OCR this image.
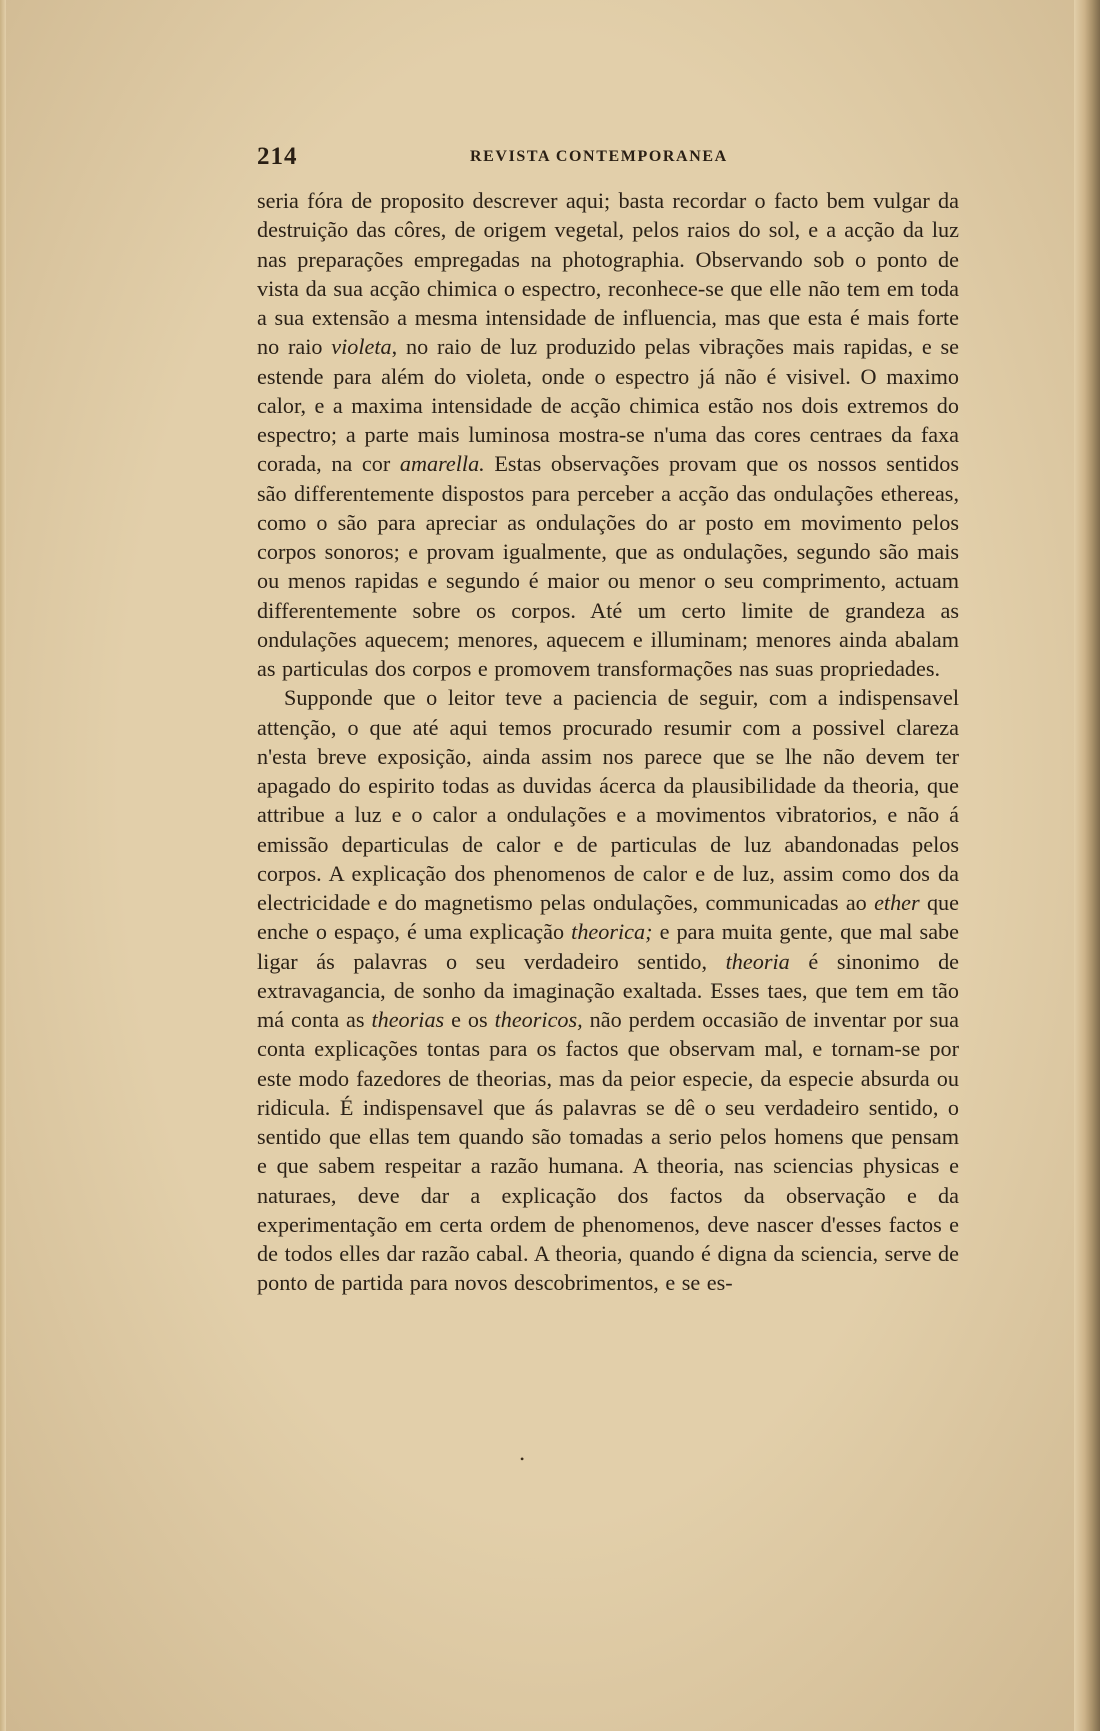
214	REVISTA CONTEMPORANEA

seria fóra de proposito descrever aqui; basta recordar o facto bem vulgar da destruição das côres, de origem vegetal, pelos raios do sol, e a acção da luz nas preparações empregadas na photographia. Observando sob o ponto de vista da sua acção chimica o espectro, reconhece-se que elle não tem em toda a sua extensão a mesma intensidade de influencia, mas que esta é mais forte no raio violeta, no raio de luz produzido pelas vibrações mais rapidas, e se estende para além do violeta, onde o espectro já não é visivel. O maximo calor, e a maxima intensidade de acção chimica estão nos dois extremos do espectro; a parte mais luminosa mostra-se n'uma das cores centraes da faxa corada, na cor amarella. Estas observações provam que os nossos sentidos são differentemente dispostos para perceber a acção das ondulações ethereas, como o são para apreciar as ondulações do ar posto em movimento pelos corpos sonoros; e provam igualmente, que as ondulações, segundo são mais ou menos rapidas e segundo é maior ou menor o seu comprimento, actuam differentemente sobre os corpos. Até um certo limite de grandeza as ondulações aquecem; menores, aquecem e illuminam; menores ainda abalam as particulas dos corpos e promovem transformações nas suas propriedades.

Supponde que o leitor teve a paciencia de seguir, com a indispensavel attenção, o que até aqui temos procurado resumir com a possivel clareza n'esta breve exposição, ainda assim nos parece que se lhe não devem ter apagado do espirito todas as duvidas ácerca da plausibilidade da theoria, que attribue a luz e o calor a ondulações e a movimentos vibratorios, e não á emissão departiculas de calor e de particulas de luz abandonadas pelos corpos. A explicação dos phenomenos de calor e de luz, assim como dos da electricidade e do magnetismo pelas ondulações, communicadas ao ether que enche o espaço, é uma explicação theorica; e para muita gente, que mal sabe ligar ás palavras o seu verdadeiro sentido, theoria é sinonimo de extravagancia, de sonho da imaginação exaltada. Esses taes, que tem em tão má conta as theorias e os theoricos, não perdem occasião de inventar por sua conta explicações tontas para os factos que observam mal, e tornam-se por este modo fazedores de theorias, mas da peior especie, da especie absurda ou ridicula. É indispensavel que ás palavras se dê o seu verdadeiro sentido, o sentido que ellas tem quando são tomadas a serio pelos homens que pensam e que sabem respeitar a razão humana. A theoria, nas sciencias physicas e naturaes, deve dar a explicação dos factos da observação e da experimentação em certa ordem de phenomenos, deve nascer d'esses factos e de todos elles dar razão cabal. A theoria, quando é digna da sciencia, serve de ponto de partida para novos descobrimentos, e se es-

•
